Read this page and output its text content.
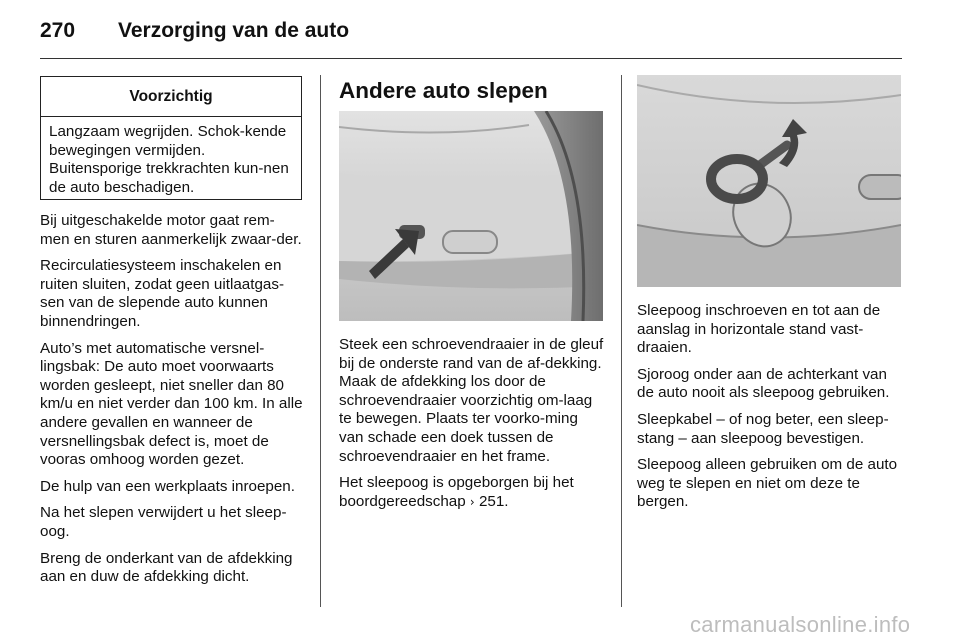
270	Verzorging van de auto
Voorzichtig
Langzaam wegrijden. Schok-kende bewegingen vermijden. Buitensporige trekkrachten kun-nen de auto beschadigen.

Bij uitgeschakelde motor gaat rem-men en sturen aanmerkelijk zwaar-der.

Recirculatiesysteem inschakelen en ruiten sluiten, zodat geen uitlaatgas-sen van de slepende auto kunnen binnendringen.

Auto’s met automatische versnel-lingsbak: De auto moet voorwaarts worden gesleept, niet sneller dan 80 km/u en niet verder dan 100 km. In alle andere gevallen en wanneer de versnellingsbak defect is, moet de vooras omhoog worden gezet.

De hulp van een werkplaats inroepen.

Na het slepen verwijdert u het sleep-oog.

Breng de onderkant van de afdekking aan en duw de afdekking dicht.

Andere auto slepen

Steek een schroevendraaier in de gleuf bij de onderste rand van de af-dekking. Maak de afdekking los door de schroevendraaier voorzichtig om-laag te bewegen. Plaats ter voorko-ming van schade een doek tussen de schroevendraaier en het frame.

Het sleepoog is opgeborgen bij het boordgereedschap › 251.

Sleepoog inschroeven en tot aan de aanslag in horizontale stand vast-draaien.

Sjoroog onder aan de achterkant van de auto nooit als sleepoog gebruiken.

Sleepkabel – of nog beter, een sleep-stang – aan sleepoog bevestigen.

Sleepoog alleen gebruiken om de auto weg te slepen en niet om deze te bergen.

carmanualsonline.info
